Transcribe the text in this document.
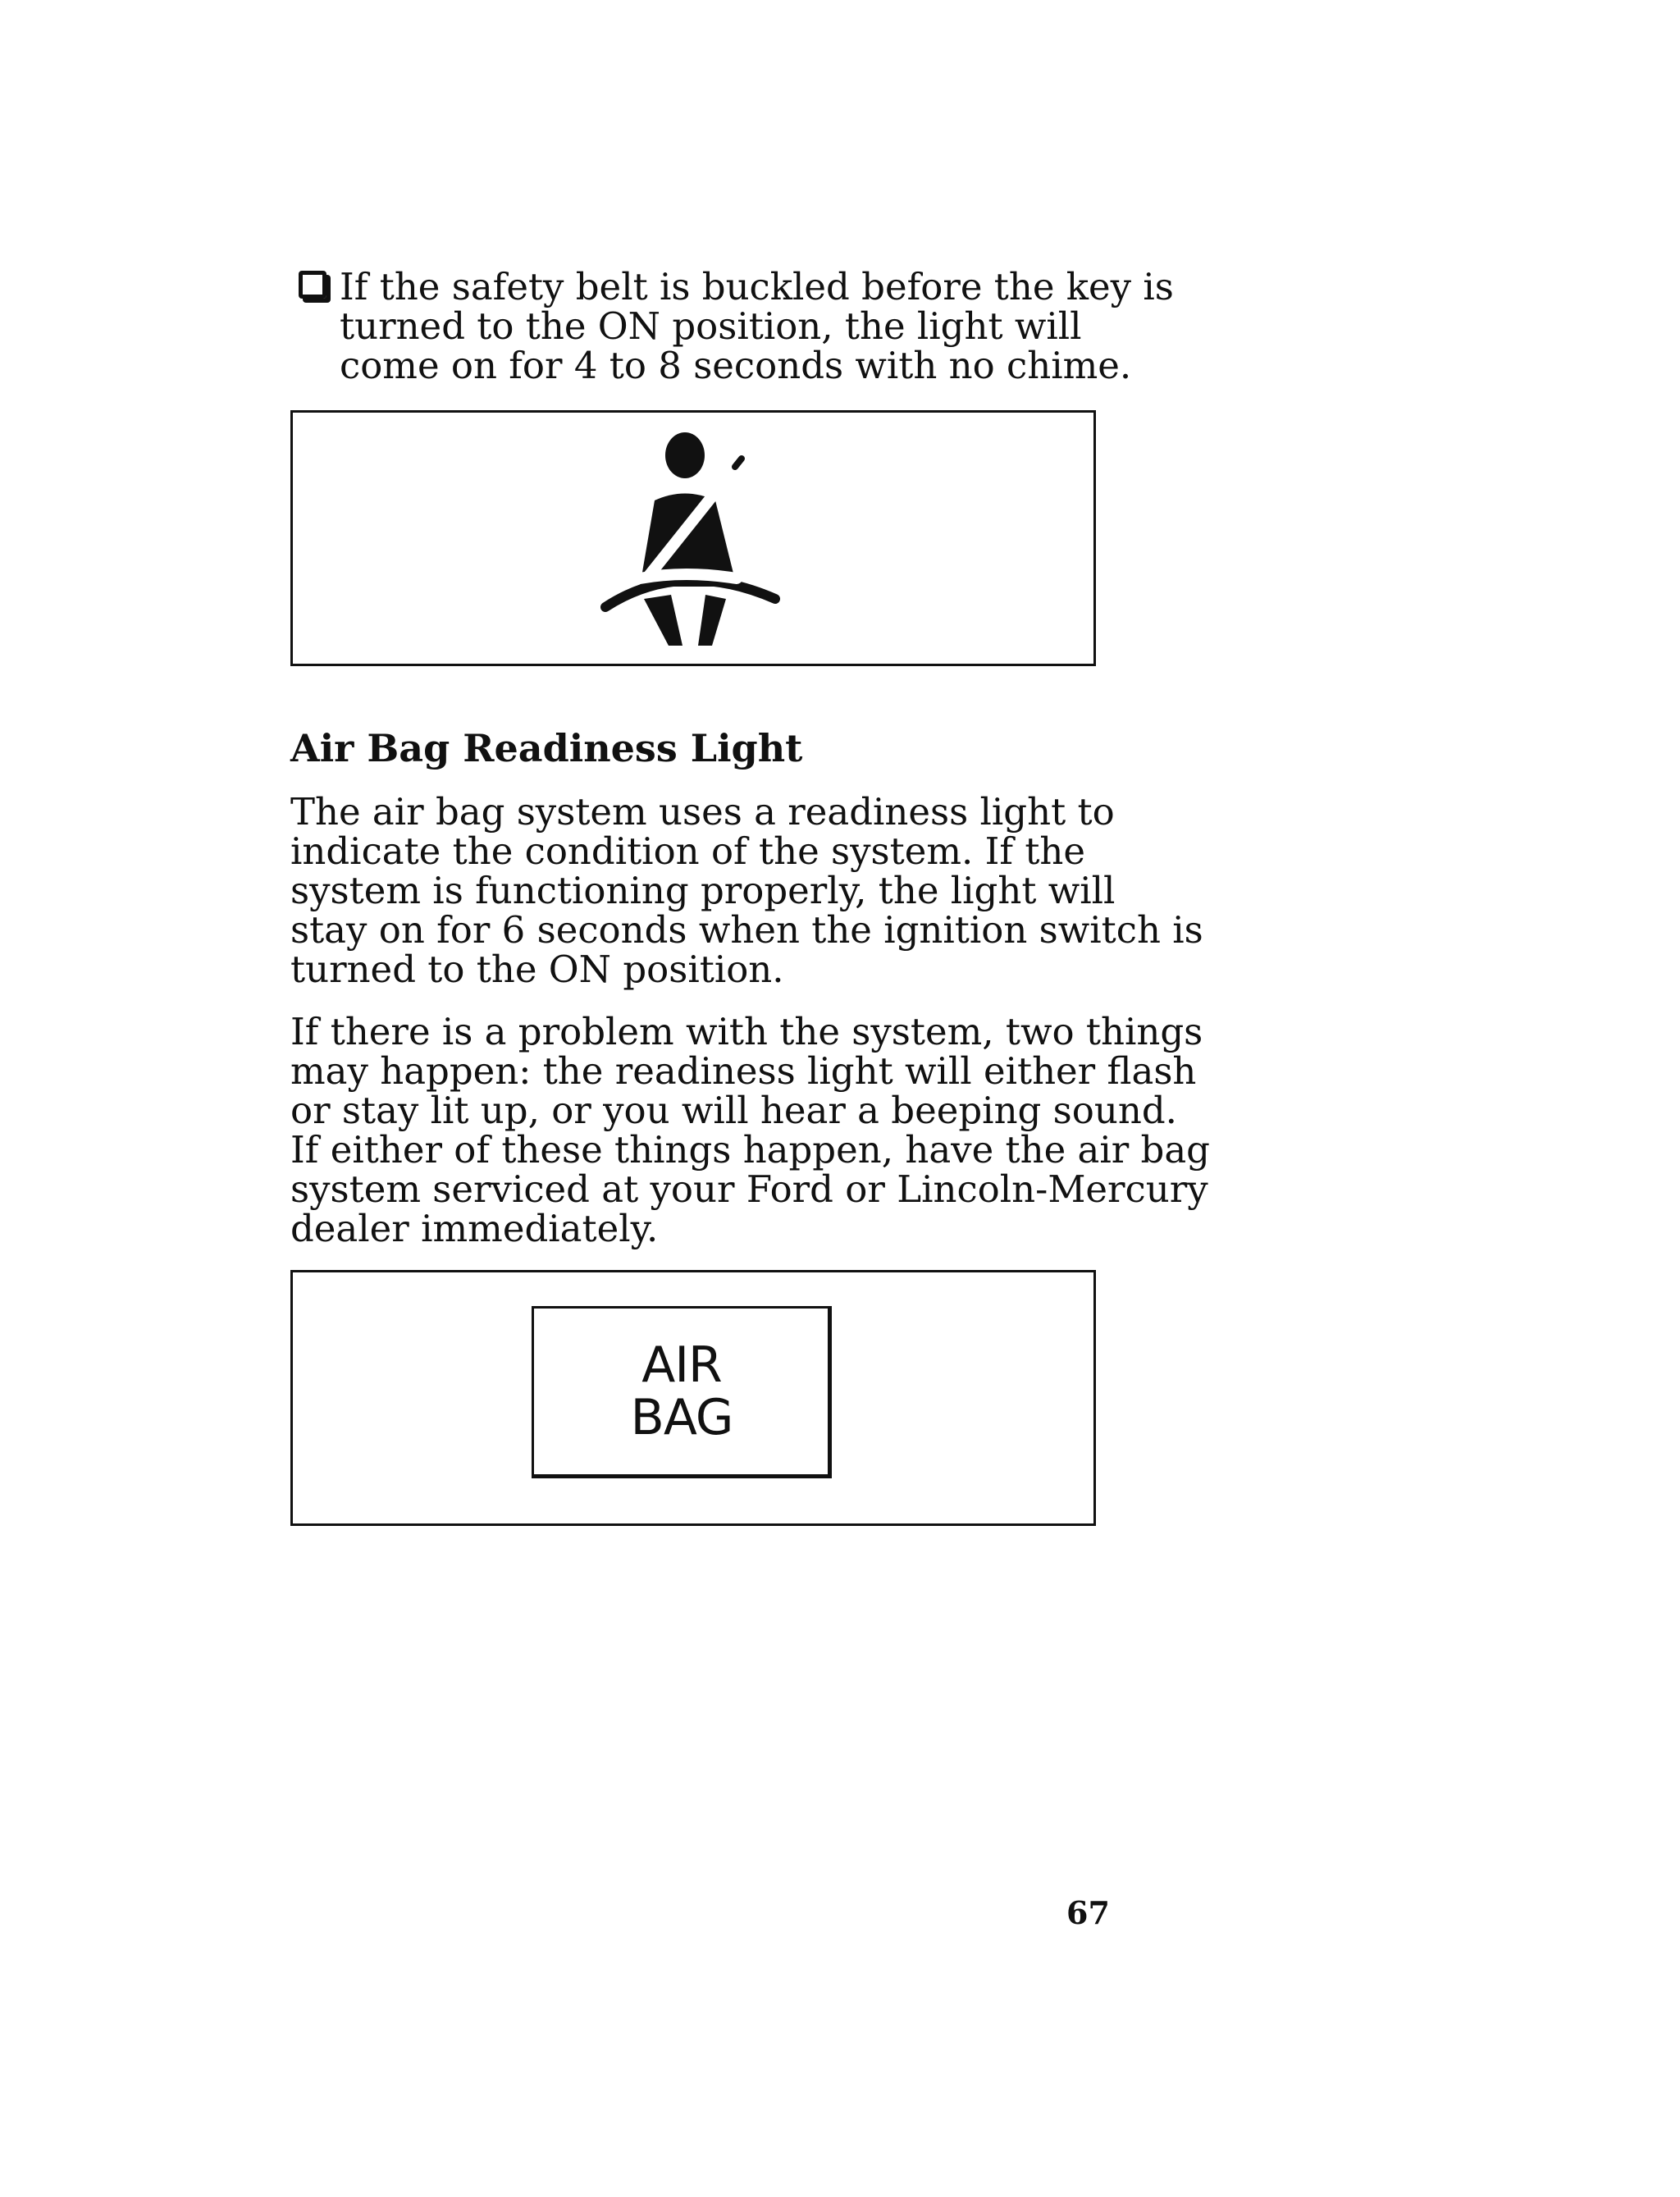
If the safety belt is buckled before the key is
turned to the ON position, the light will
come on for 4 to 8 seconds with no chime.
Air Bag Readiness Light
The air bag system uses a readiness light to
indicate the condition of the system. If the
system is functioning properly, the light will
stay on for 6 seconds when the ignition switch is
turned to the ON position.
If there is a problem with the system, two things
may happen: the readiness light will either flash
or stay lit up, or you will hear a beeping sound.
If either of these things happen, have the air bag
system serviced at your Ford or Lincoln-Mercury
dealer immediately.
AIR
BAG
67
